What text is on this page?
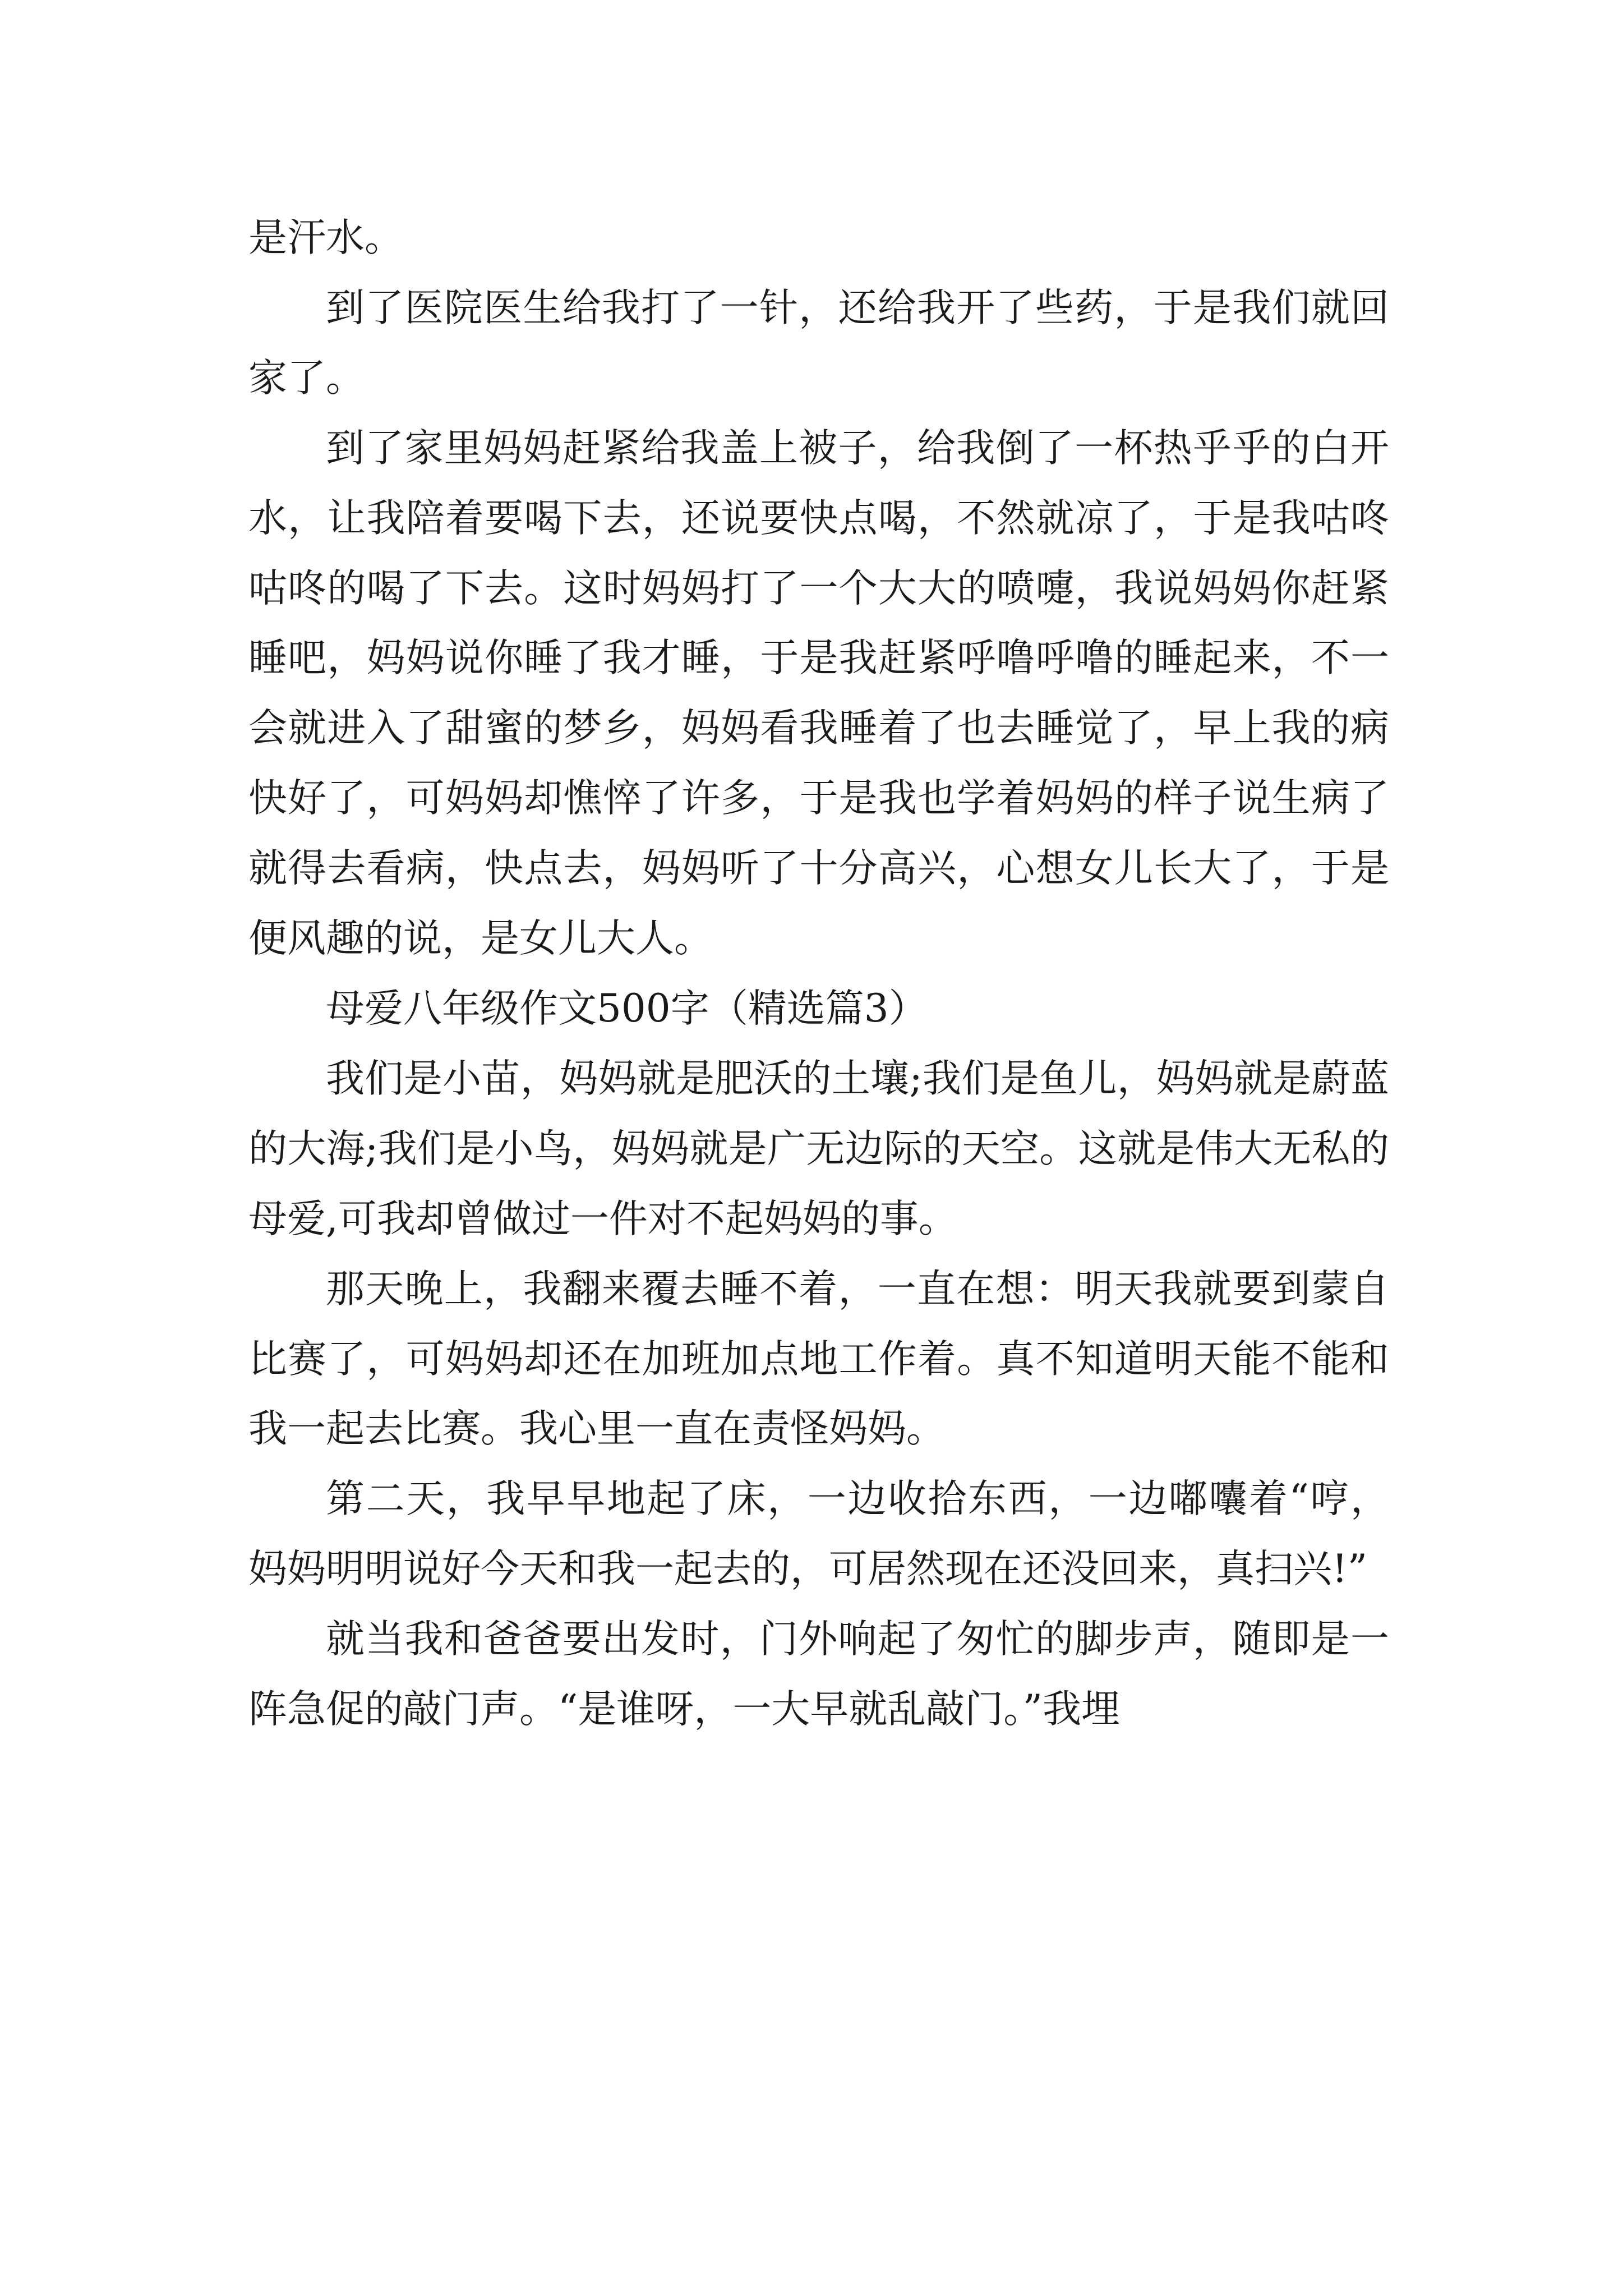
是汗水。

到了医院医生给我打了一针，还给我开了些药，于是我们就回家了。

到了家里妈妈赶紧给我盖上被子，给我倒了一杯热乎乎的白开水，让我陪着要喝下去，还说要快点喝，不然就凉了，于是我咕咚咕咚的喝了下去。这时妈妈打了一个大大的喷嚏，我说妈妈你赶紧睡吧，妈妈说你睡了我才睡，于是我赶紧呼噜呼噜的睡起来，不一会就进入了甜蜜的梦乡，妈妈看我睡着了也去睡觉了，早上我的病快好了，可妈妈却憔悴了许多，于是我也学着妈妈的样子说生病了就得去看病，快点去，妈妈听了十分高兴，心想女儿长大了，于是便风趣的说，是女儿大人。

母爱八年级作文500字（精选篇3）

我们是小苗，妈妈就是肥沃的土壤;我们是鱼儿，妈妈就是蔚蓝的大海;我们是小鸟，妈妈就是广无边际的天空。这就是伟大无私的母爱,可我却曾做过一件对不起妈妈的事。

那天晚上，我翻来覆去睡不着，一直在想：明天我就要到蒙自比赛了，可妈妈却还在加班加点地工作着。真不知道明天能不能和我一起去比赛。我心里一直在责怪妈妈。

第二天，我早早地起了床，一边收拾东西，一边嘟囔着“哼，妈妈明明说好今天和我一起去的，可居然现在还没回来，真扫兴!”

就当我和爸爸要出发时，门外响起了匆忙的脚步声，随即是一阵急促的敲门声。“是谁呀，一大早就乱敲门。”我埋
